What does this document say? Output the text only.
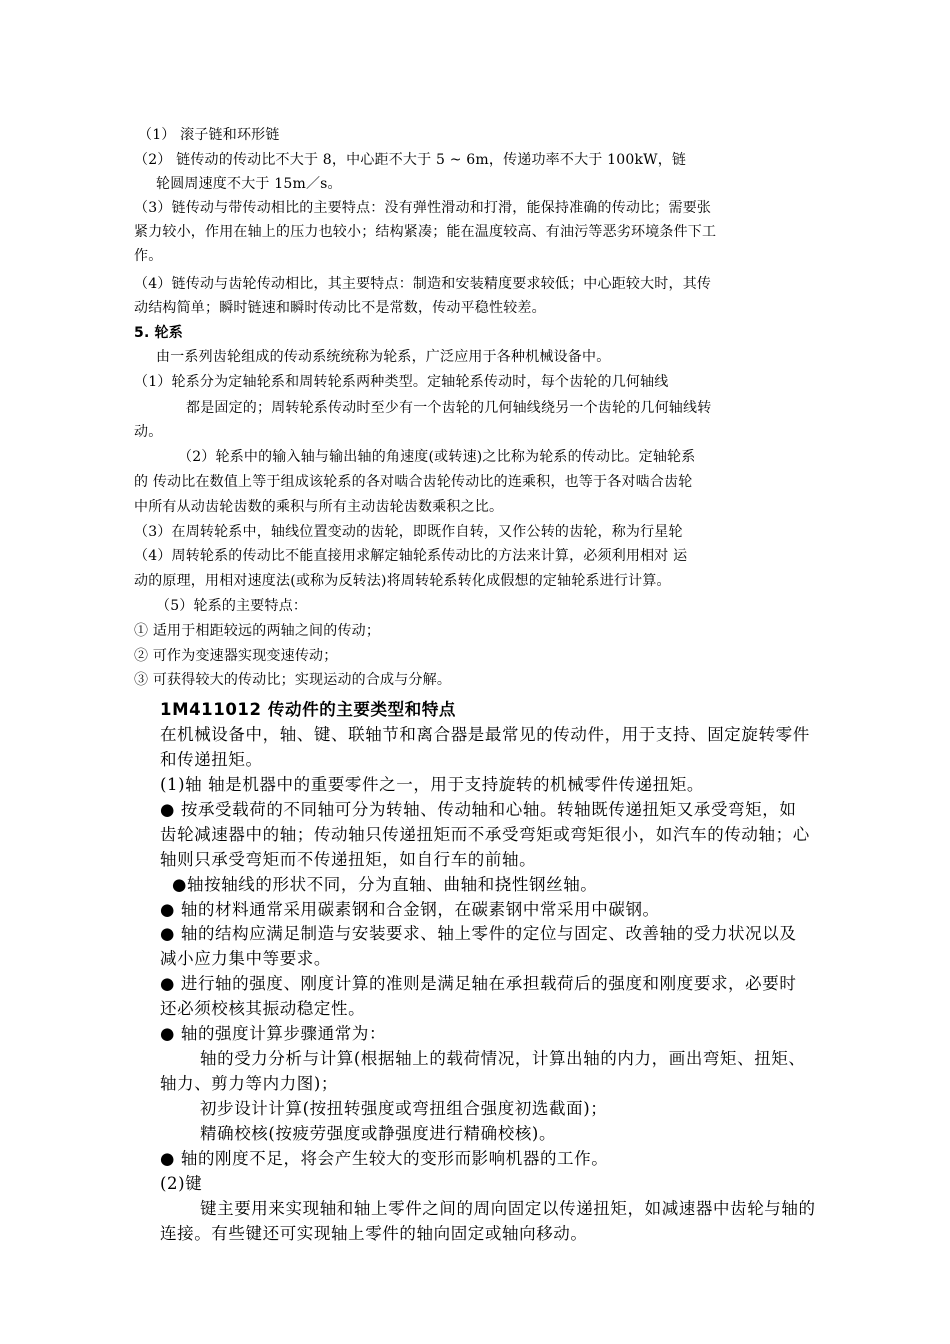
（1） 滚子链和环形链
（2） 链传动的传动比不大于 8，中心距不大于 5 ~ 6m，传递功率不大于 100kW，链
轮圆周速度不大于 15m／s。
（3）链传动与带传动相比的主要特点：没有弹性滑动和打滑，能保持准确的传动比；需要张
紧力较小，作用在轴上的压力也较小；结构紧凑；能在温度较高、有油污等恶劣环境条件下工
作。
（4）链传动与齿轮传动相比，其主要特点：制造和安装精度要求较低；中心距较大时，其传
动结构简单；瞬时链速和瞬时传动比不是常数，传动平稳性较差。
5. 轮系
由一系列齿轮组成的传动系统统称为轮系，广泛应用于各种机械设备中。
（1）轮系分为定轴轮系和周转轮系两种类型。定轴轮系传动时，每个齿轮的几何轴线
都是固定的；周转轮系传动时至少有一个齿轮的几何轴线绕另一个齿轮的几何轴线转
动。
（2）轮系中的输入轴与输出轴的角速度(或转速)之比称为轮系的传动比。定轴轮系
的 传动比在数值上等于组成该轮系的各对啮合齿轮传动比的连乘积，也等于各对啮合齿轮
中所有从动齿轮齿数的乘积与所有主动齿轮齿数乘积之比。
（3）在周转轮系中，轴线位置变动的齿轮，即既作自转，又作公转的齿轮，称为行星轮
（4）周转轮系的传动比不能直接用求解定轴轮系传动比的方法来计算，必须利用相对 运
动的原理，用相对速度法(或称为反转法)将周转轮系转化成假想的定轴轮系进行计算。
（5）轮系的主要特点：
① 适用于相距较远的两轴之间的传动；
② 可作为变速器实现变速传动；
③ 可获得较大的传动比；实现运动的合成与分解。
1M411012 传动件的主要类型和特点
在机械设备中，轴、键、联轴节和离合器是最常见的传动件，用于支持、固定旋转零件
和传递扭矩。
(1)轴 轴是机器中的重要零件之一，用于支持旋转的机械零件传递扭矩。
● 按承受载荷的不同轴可分为转轴、传动轴和心轴。转轴既传递扭矩又承受弯矩，如
齿轮减速器中的轴；传动轴只传递扭矩而不承受弯矩或弯矩很小，如汽车的传动轴；心
轴则只承受弯矩而不传递扭矩，如自行车的前轴。
●轴按轴线的形状不同，分为直轴、曲轴和挠性钢丝轴。
● 轴的材料通常采用碳素钢和合金钢，在碳素钢中常采用中碳钢。
● 轴的结构应满足制造与安装要求、轴上零件的定位与固定、改善轴的受力状况以及
减小应力集中等要求。
● 进行轴的强度、刚度计算的准则是满足轴在承担载荷后的强度和刚度要求，必要时
还必须校核其振动稳定性。
● 轴的强度计算步骤通常为：
轴的受力分析与计算(根据轴上的载荷情况，计算出轴的内力，画出弯矩、扭矩、
轴力、剪力等内力图)；
初步设计计算(按扭转强度或弯扭组合强度初选截面)；
精确校核(按疲劳强度或静强度进行精确校核)。
● 轴的刚度不足，将会产生较大的变形而影响机器的工作。
(2)键
键主要用来实现轴和轴上零件之间的周向固定以传递扭矩，如减速器中齿轮与轴的
连接。有些键还可实现轴上零件的轴向固定或轴向移动。
